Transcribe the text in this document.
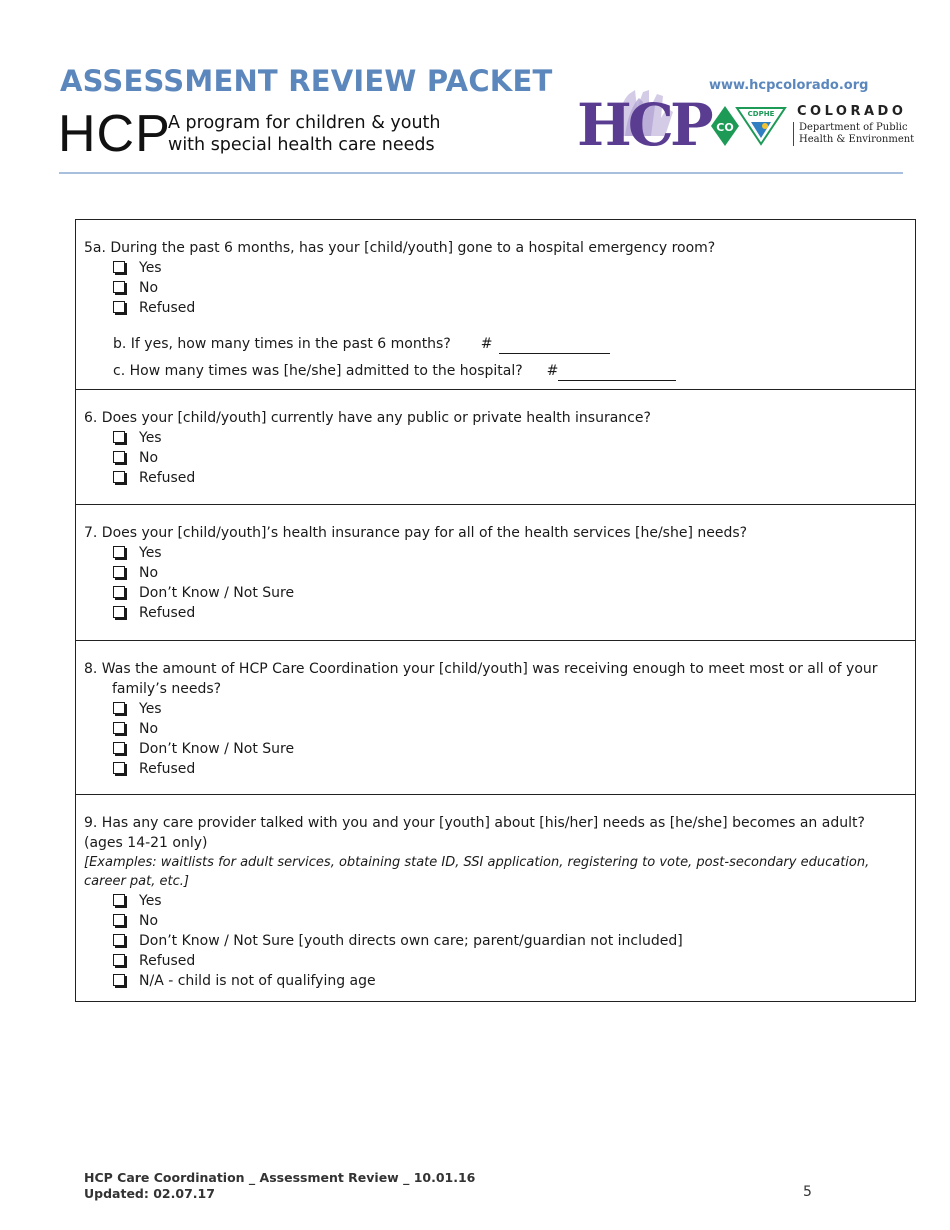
ASSESSMENT REVIEW PACKET
HCP
A program for children & youth
with special health care needs
www.hcpcolorado.org
HCP CO
CDPHE COLORADO
Department of Public
Health & Environment

5a. During the past 6 months, has your [child/youth] gone to a hospital emergency room?

Yes
No
Refused

b. If yes, how many times in the past 6 months? #

c. How many times was [he/she] admitted to the hospital? #

6. Does your [child/youth] currently have any public or private health insurance?

Yes
No
Refused

7. Does your [child/youth]’s health insurance pay for all of the health services [he/she] needs?

Yes
No
Don’t Know / Not Sure
Refused

8. Was the amount of HCP Care Coordination your [child/youth] was receiving enough to meet most or all of your

family’s needs?

Yes
No
Don’t Know / Not Sure
Refused

9. Has any care provider talked with you and your [youth] about [his/her] needs as [he/she] becomes an adult? (ages 14-21 only)

[Examples: waitlists for adult services, obtaining state ID, SSI application, registering to vote, post-secondary education, career pat, etc.]

Yes
No
Don’t Know / Not Sure [youth directs own care; parent/guardian not included]
Refused
N/A - child is not of qualifying age
HCP Care Coordination _ Assessment Review _ 10.01.16
Updated: 02.07.17	5
